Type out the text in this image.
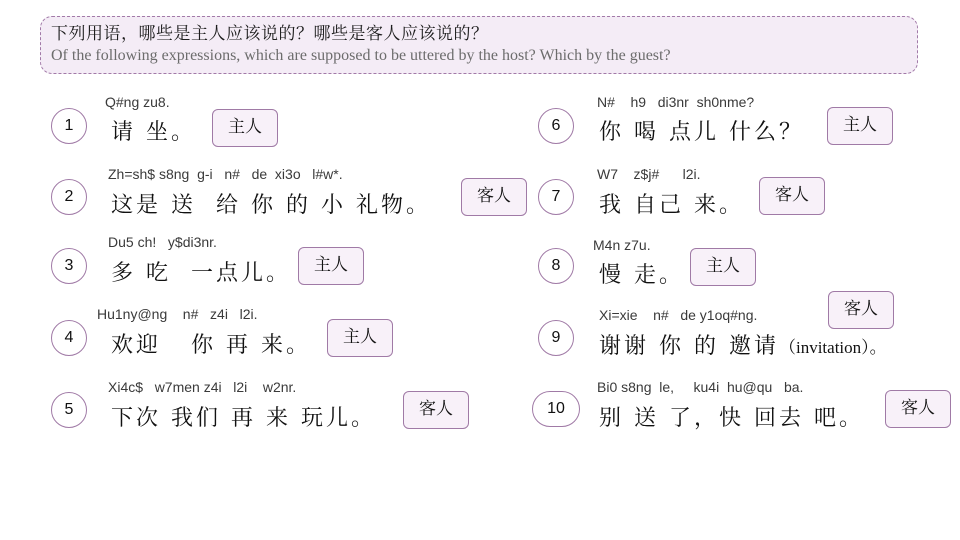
下列用语，哪些是主人应该说的？哪些是客人应该说的？
Of the following expressions, which are supposed to be uttered by the host? Which by the guest?
1
Q#ng zu8.
请 坐。	主人
2
Zh=sh$ s8ng  g-i   n#   de  xi3o   l#w*.
这是 送  给 你 的 小 礼物。	客人
3
Du5 ch!   y$di3nr.
多 吃  一点儿。	主人
4
Hu1ny@ng    n#   z4i   l2i.
欢迎   你 再 来。	主人
5
Xi4c$   w7men z4i   l2i    w2nr.
下次 我们 再 来 玩儿。	客人
6
N#    h9   di3nr  sh0nme?
你 喝 点儿 什么？	主人
7
W7    z$j#      l2i.
我 自己 来。	客人
8
M4n z7u.
慢 走。	主人
9
Xi=xie    n#   de y1oq#ng.
谢谢 你 的 邀请（invitation）。
客人
10
Bi0 s8ng  le,     ku4i  hu@qu   ba.
别 送 了，快 回去 吧。	客人
